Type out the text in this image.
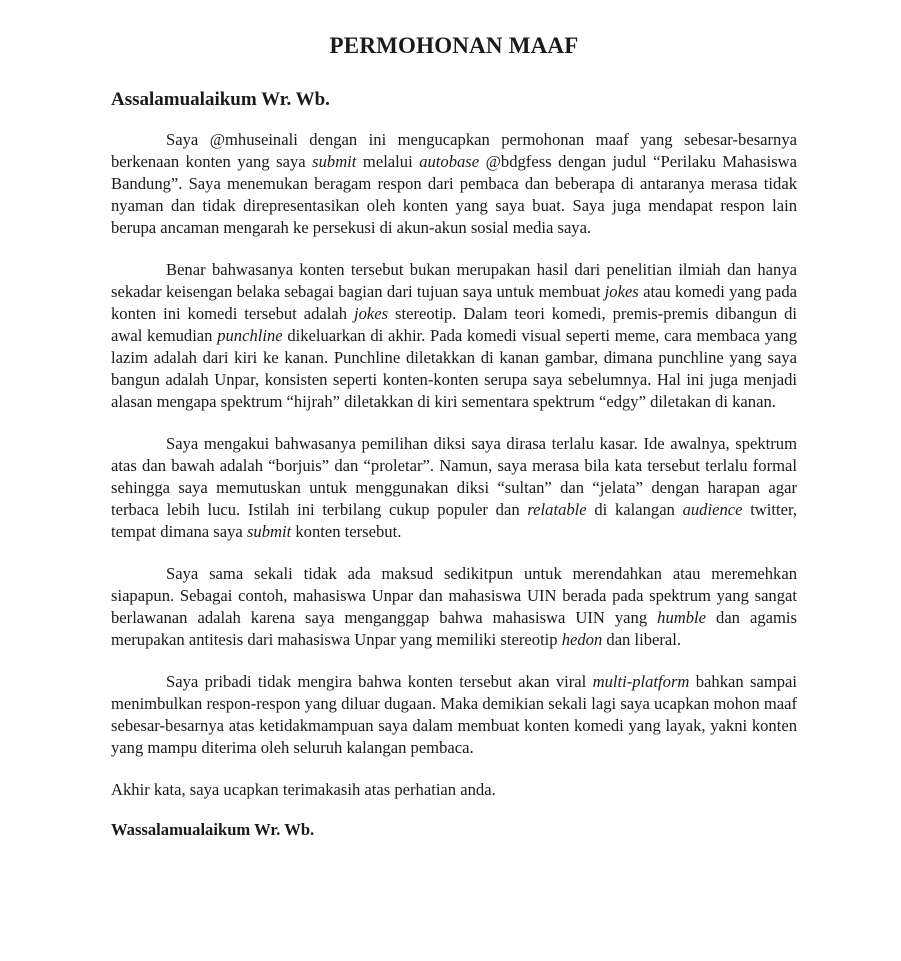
PERMOHONAN MAAF
Assalamualaikum Wr. Wb.

Saya @mhuseinali dengan ini mengucapkan permohonan maaf yang sebesar-besarnya berkenaan konten yang saya submit melalui autobase @bdgfess dengan judul “Perilaku Mahasiswa Bandung”. Saya menemukan beragam respon dari pembaca dan beberapa di antaranya merasa tidak nyaman dan tidak direpresentasikan oleh konten yang saya buat. Saya juga mendapat respon lain berupa ancaman mengarah ke persekusi di akun-akun sosial media saya.

Benar bahwasanya konten tersebut bukan merupakan hasil dari penelitian ilmiah dan hanya sekadar keisengan belaka sebagai bagian dari tujuan saya untuk membuat jokes atau komedi yang pada konten ini komedi tersebut adalah jokes stereotip. Dalam teori komedi, premis-premis dibangun di awal kemudian punchline dikeluarkan di akhir. Pada komedi visual seperti meme, cara membaca yang lazim adalah dari kiri ke kanan. Punchline diletakkan di kanan gambar, dimana punchline yang saya bangun adalah Unpar, konsisten seperti konten-konten serupa saya sebelumnya. Hal ini juga menjadi alasan mengapa spektrum “hijrah” diletakkan di kiri sementara spektrum “edgy” diletakan di kanan.

Saya mengakui bahwasanya pemilihan diksi saya dirasa terlalu kasar. Ide awalnya, spektrum atas dan bawah adalah “borjuis” dan “proletar”. Namun, saya merasa bila kata tersebut terlalu formal sehingga saya memutuskan untuk menggunakan diksi “sultan” dan “jelata” dengan harapan agar terbaca lebih lucu. Istilah ini terbilang cukup populer dan relatable di kalangan audience twitter, tempat dimana saya submit konten tersebut.

Saya sama sekali tidak ada maksud sedikitpun untuk merendahkan atau meremehkan siapapun. Sebagai contoh, mahasiswa Unpar dan mahasiswa UIN berada pada spektrum yang sangat berlawanan adalah karena saya menganggap bahwa mahasiswa UIN yang humble dan agamis merupakan antitesis dari mahasiswa Unpar yang memiliki stereotip hedon dan liberal.

Saya pribadi tidak mengira bahwa konten tersebut akan viral multi-platform bahkan sampai menimbulkan respon-respon yang diluar dugaan. Maka demikian sekali lagi saya ucapkan mohon maaf sebesar-besarnya atas ketidakmampuan saya dalam membuat konten komedi yang layak, yakni konten yang mampu diterima oleh seluruh kalangan pembaca.

Akhir kata, saya ucapkan terimakasih atas perhatian anda.

Wassalamualaikum Wr. Wb.
